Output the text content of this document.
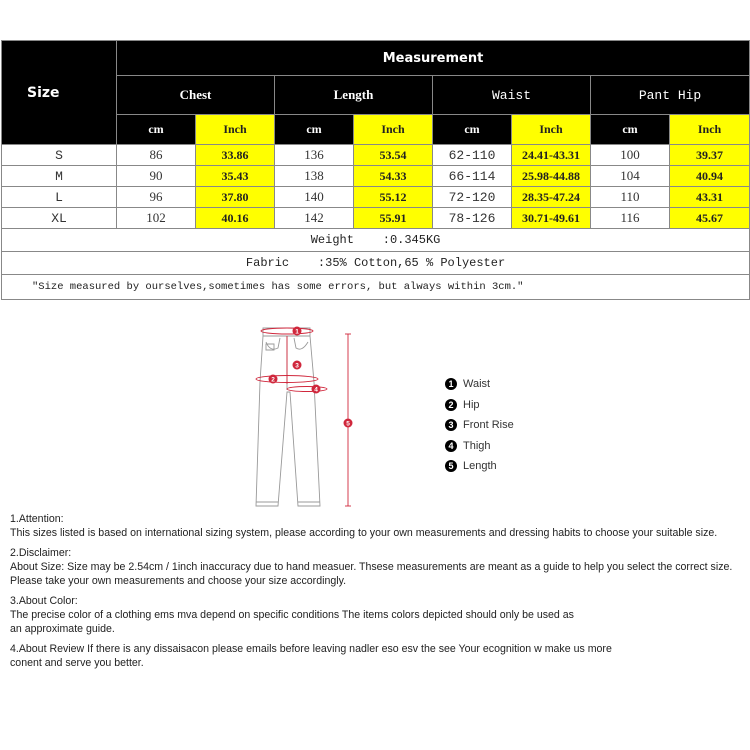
Size	Measurement							
	Chest		Length		Waist		Pant Hip	
	cm	Inch	cm	Inch	cm	Inch	cm	Inch
S	86	33.86	136	53.54	62-110	24.41-43.31	100	39.37
M	90	35.43	138	54.33	66-114	25.98-44.88	104	40.94
L	96	37.80	140	55.12	72-120	28.35-47.24	110	43.31
XL	102	40.16	142	55.91	78-126	30.71-49.61	116	45.67
Weight    :0.345KG								
Fabric    :35% Cotton,65 % Polyester								
"Size measured by ourselves,sometimes has some errors, but always within 3cm."								
1
2
3
4
5
1 Waist
2 Hip
3 Front Rise
4 Thigh
5 Length

1.Attention:

This sizes listed is based on international sizing system, please according to your own measurements and dressing habits to choose your suitable size.

2.Disclaimer:

About Size: Size may be 2.54cm / 1inch inaccuracy due to hand measuer. Thsese measurements are meant as a guide to help you select the correct size.

Please take your own measurements and choose your size accordingly.

3.About Color:

The precise color of a clothing ems mva depend on specific conditions The items colors depicted should only be used as

an approximate guide.

4.About Review If there is any dissaisacon please emails before leaving nadler eso esv the see Your ecognition w make us more

conent and serve you better.
